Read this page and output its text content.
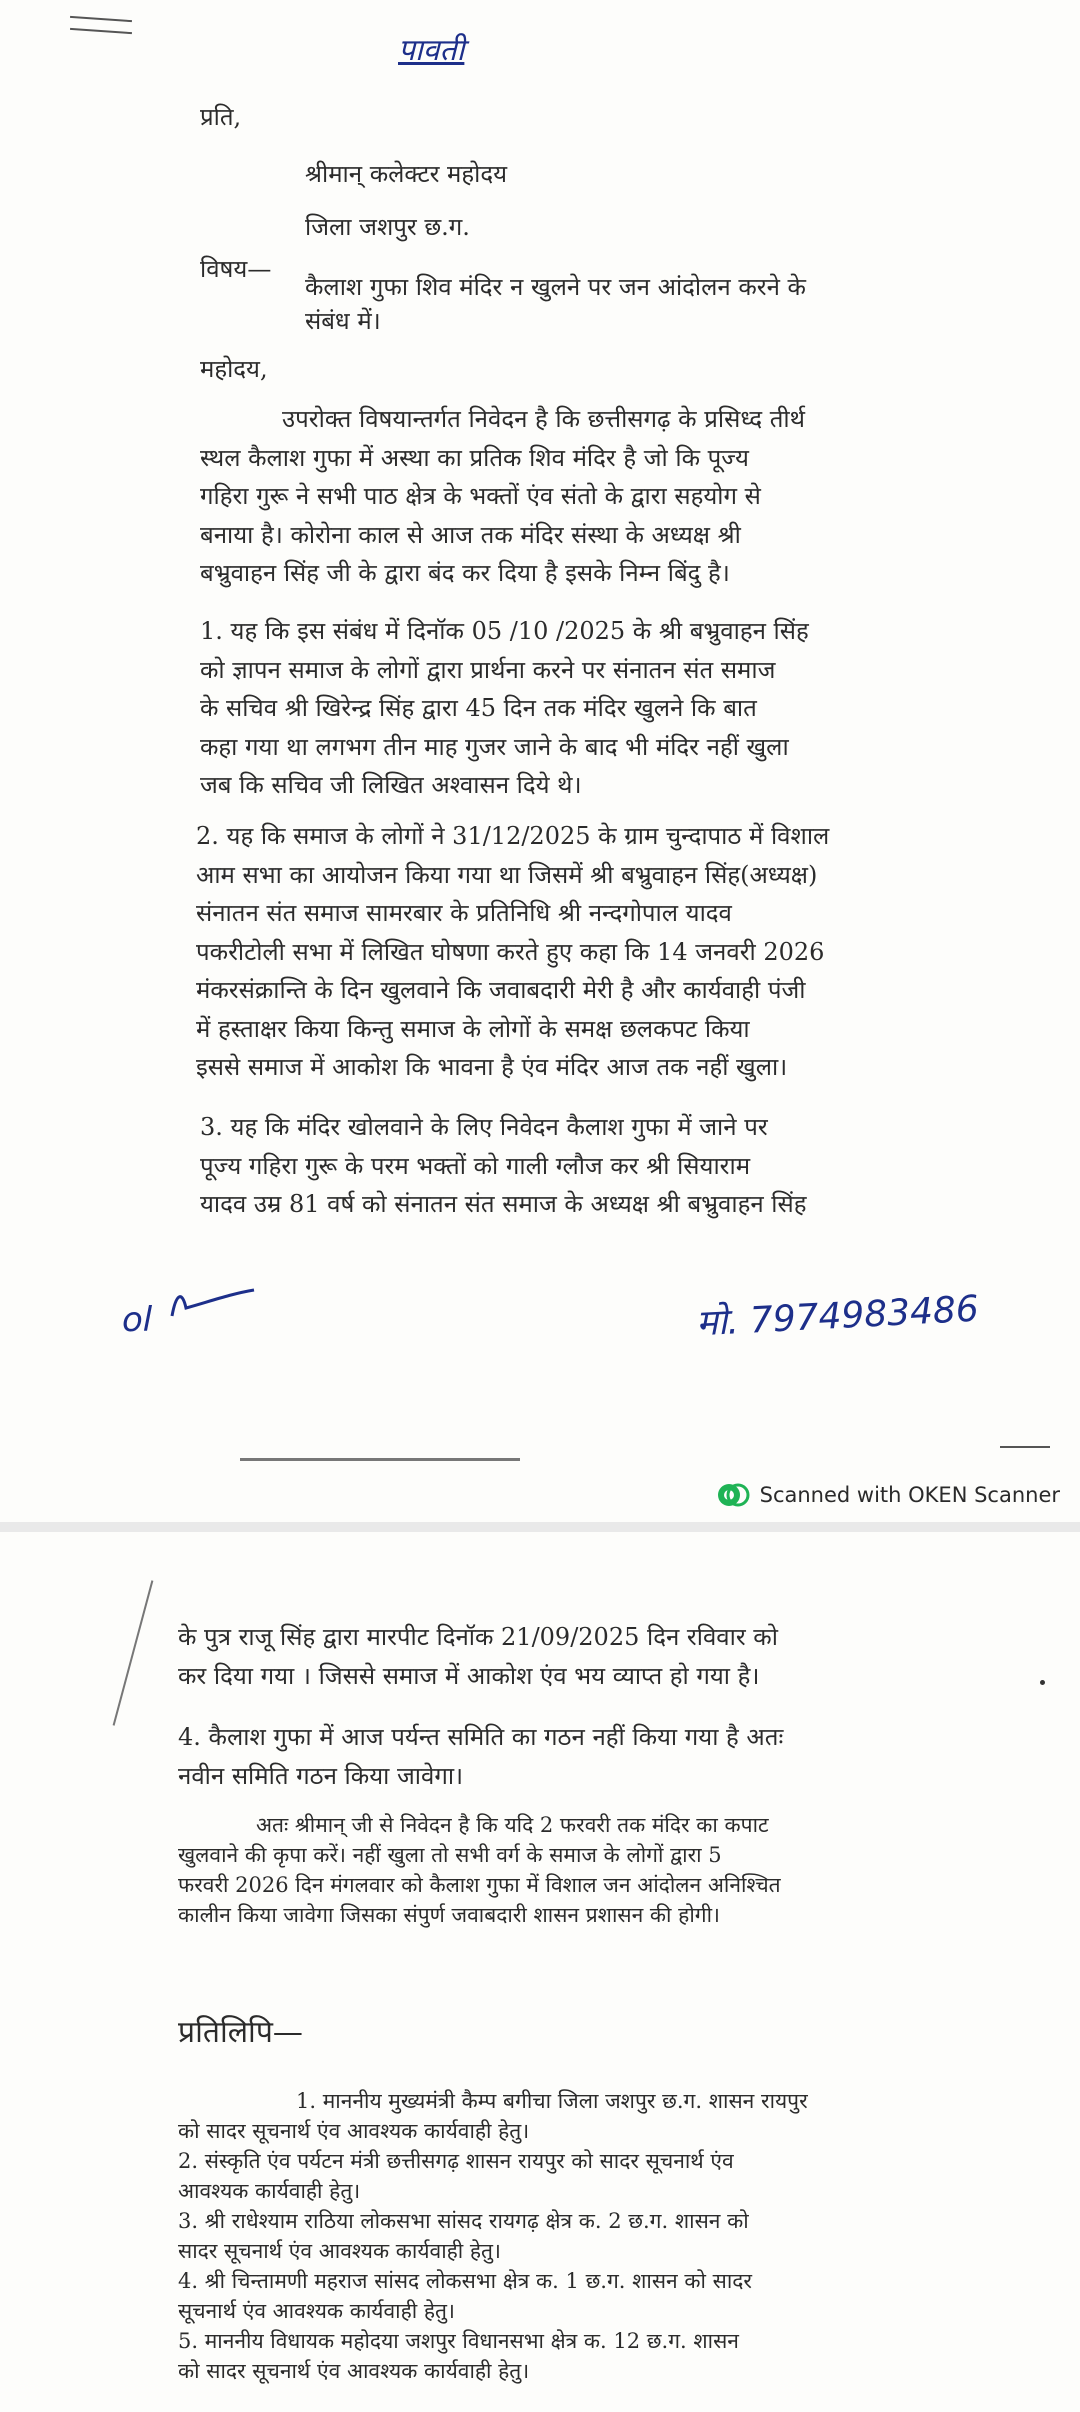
पावती
प्रति,
श्रीमान् कलेक्टर महोदय
जिला जशपुर छ.ग.
विषय—
कैलाश गुफा शिव मंदिर न खुलने पर जन आंदोलन करने के
संबंध में।
महोदय,
उपरोक्त विषयान्तर्गत निवेदन है कि छत्तीसगढ़ के प्रसिध्द तीर्थ
स्थल कैलाश गुफा में अस्था का प्रतिक शिव मंदिर है जो कि पूज्य
गहिरा गुरू ने सभी पाठ क्षेत्र के भक्तों एंव संतो के द्वारा सहयोग से
बनाया है। कोरोना काल से आज तक मंदिर संस्था के अध्यक्ष श्री
बभ्रुवाहन सिंह जी के द्वारा बंद कर दिया है इसके निम्न बिंदु है।
1. यह कि इस संबंध में दिनॉक 05 /10 /2025 के श्री बभ्रुवाहन सिंह
को ज्ञापन समाज के लोगों द्वारा प्रार्थना करने पर संनातन संत समाज
के सचिव श्री खिरेन्द्र सिंह द्वारा 45 दिन तक मंदिर खुलने कि बात
कहा गया था लगभग तीन माह गुजर जाने के बाद भी मंदिर नहीं खुला
जब कि सचिव जी लिखित अश्वासन दिये थे।
2. यह कि समाज के लोगों ने 31/12/2025 के ग्राम चुन्दापाठ में विशाल
आम सभा का आयोजन किया गया था जिसमें श्री बभ्रुवाहन सिंह(अध्यक्ष)
संनातन संत समाज सामरबार के प्रतिनिधि श्री नन्दगोपाल यादव
पकरीटोली सभा में लिखित घोषणा करते हुए कहा कि 14 जनवरी 2026
मंकरसंक्रान्ति के दिन खुलवाने कि जवाबदारी मेरी है और कार्यवाही पंजी
में हस्ताक्षर किया किन्तु समाज के लोगों के समक्ष छलकपट किया
इससे समाज में आकोश कि भावना है एंव मंदिर आज तक नहीं खुला।
3. यह कि मंदिर खोलवाने के लिए निवेदन कैलाश गुफा में जाने पर
पूज्य गहिरा गुरू के परम भक्तों को गाली ग्लौज कर श्री सियाराम
यादव उम्र 81 वर्ष को संनातन संत समाज के अध्यक्ष श्री बभ्रुवाहन सिंह
ol	मो. 7974983486
Scanned with OKEN Scanner
के पुत्र राजू सिंह द्वारा मारपीट दिनॉक 21/09/2025 दिन रविवार को
कर दिया गया । जिससे समाज में आकोश एंव भय व्याप्त हो गया है।
4. कैलाश गुफा में आज पर्यन्त समिति का गठन नहीं किया गया है अतः
नवीन समिति गठन किया जावेगा।
अतः श्रीमान् जी से निवेदन है कि यदि 2 फरवरी तक मंदिर का कपाट
खुलवाने की कृपा करें। नहीं खुला तो सभी वर्ग के समाज के लोगों द्वारा 5
फरवरी 2026 दिन मंगलवार को कैलाश गुफा में विशाल जन आंदोलन अनिश्चित
कालीन किया जावेगा जिसका संपुर्ण जवाबदारी शासन प्रशासन की होगी।
प्रतिलिपि—
1. माननीय मुख्यमंत्री कैम्प बगीचा जिला जशपुर छ.ग. शासन रायपुर
को सादर सूचनार्थ एंव आवश्यक कार्यवाही हेतु।
2. संस्कृति एंव पर्यटन मंत्री छत्तीसगढ़ शासन रायपुर को सादर सूचनार्थ एंव
आवश्यक कार्यवाही हेतु।
3. श्री राधेश्याम राठिया लोकसभा सांसद रायगढ़ क्षेत्र क. 2 छ.ग. शासन को
सादर सूचनार्थ एंव आवश्यक कार्यवाही हेतु।
4. श्री चिन्तामणी महराज सांसद लोकसभा क्षेत्र क. 1 छ.ग. शासन को सादर
सूचनार्थ एंव आवश्यक कार्यवाही हेतु।
5. माननीय विधायक महोदया जशपुर विधानसभा क्षेत्र क. 12 छ.ग. शासन
को सादर सूचनार्थ एंव आवश्यक कार्यवाही हेतु।
